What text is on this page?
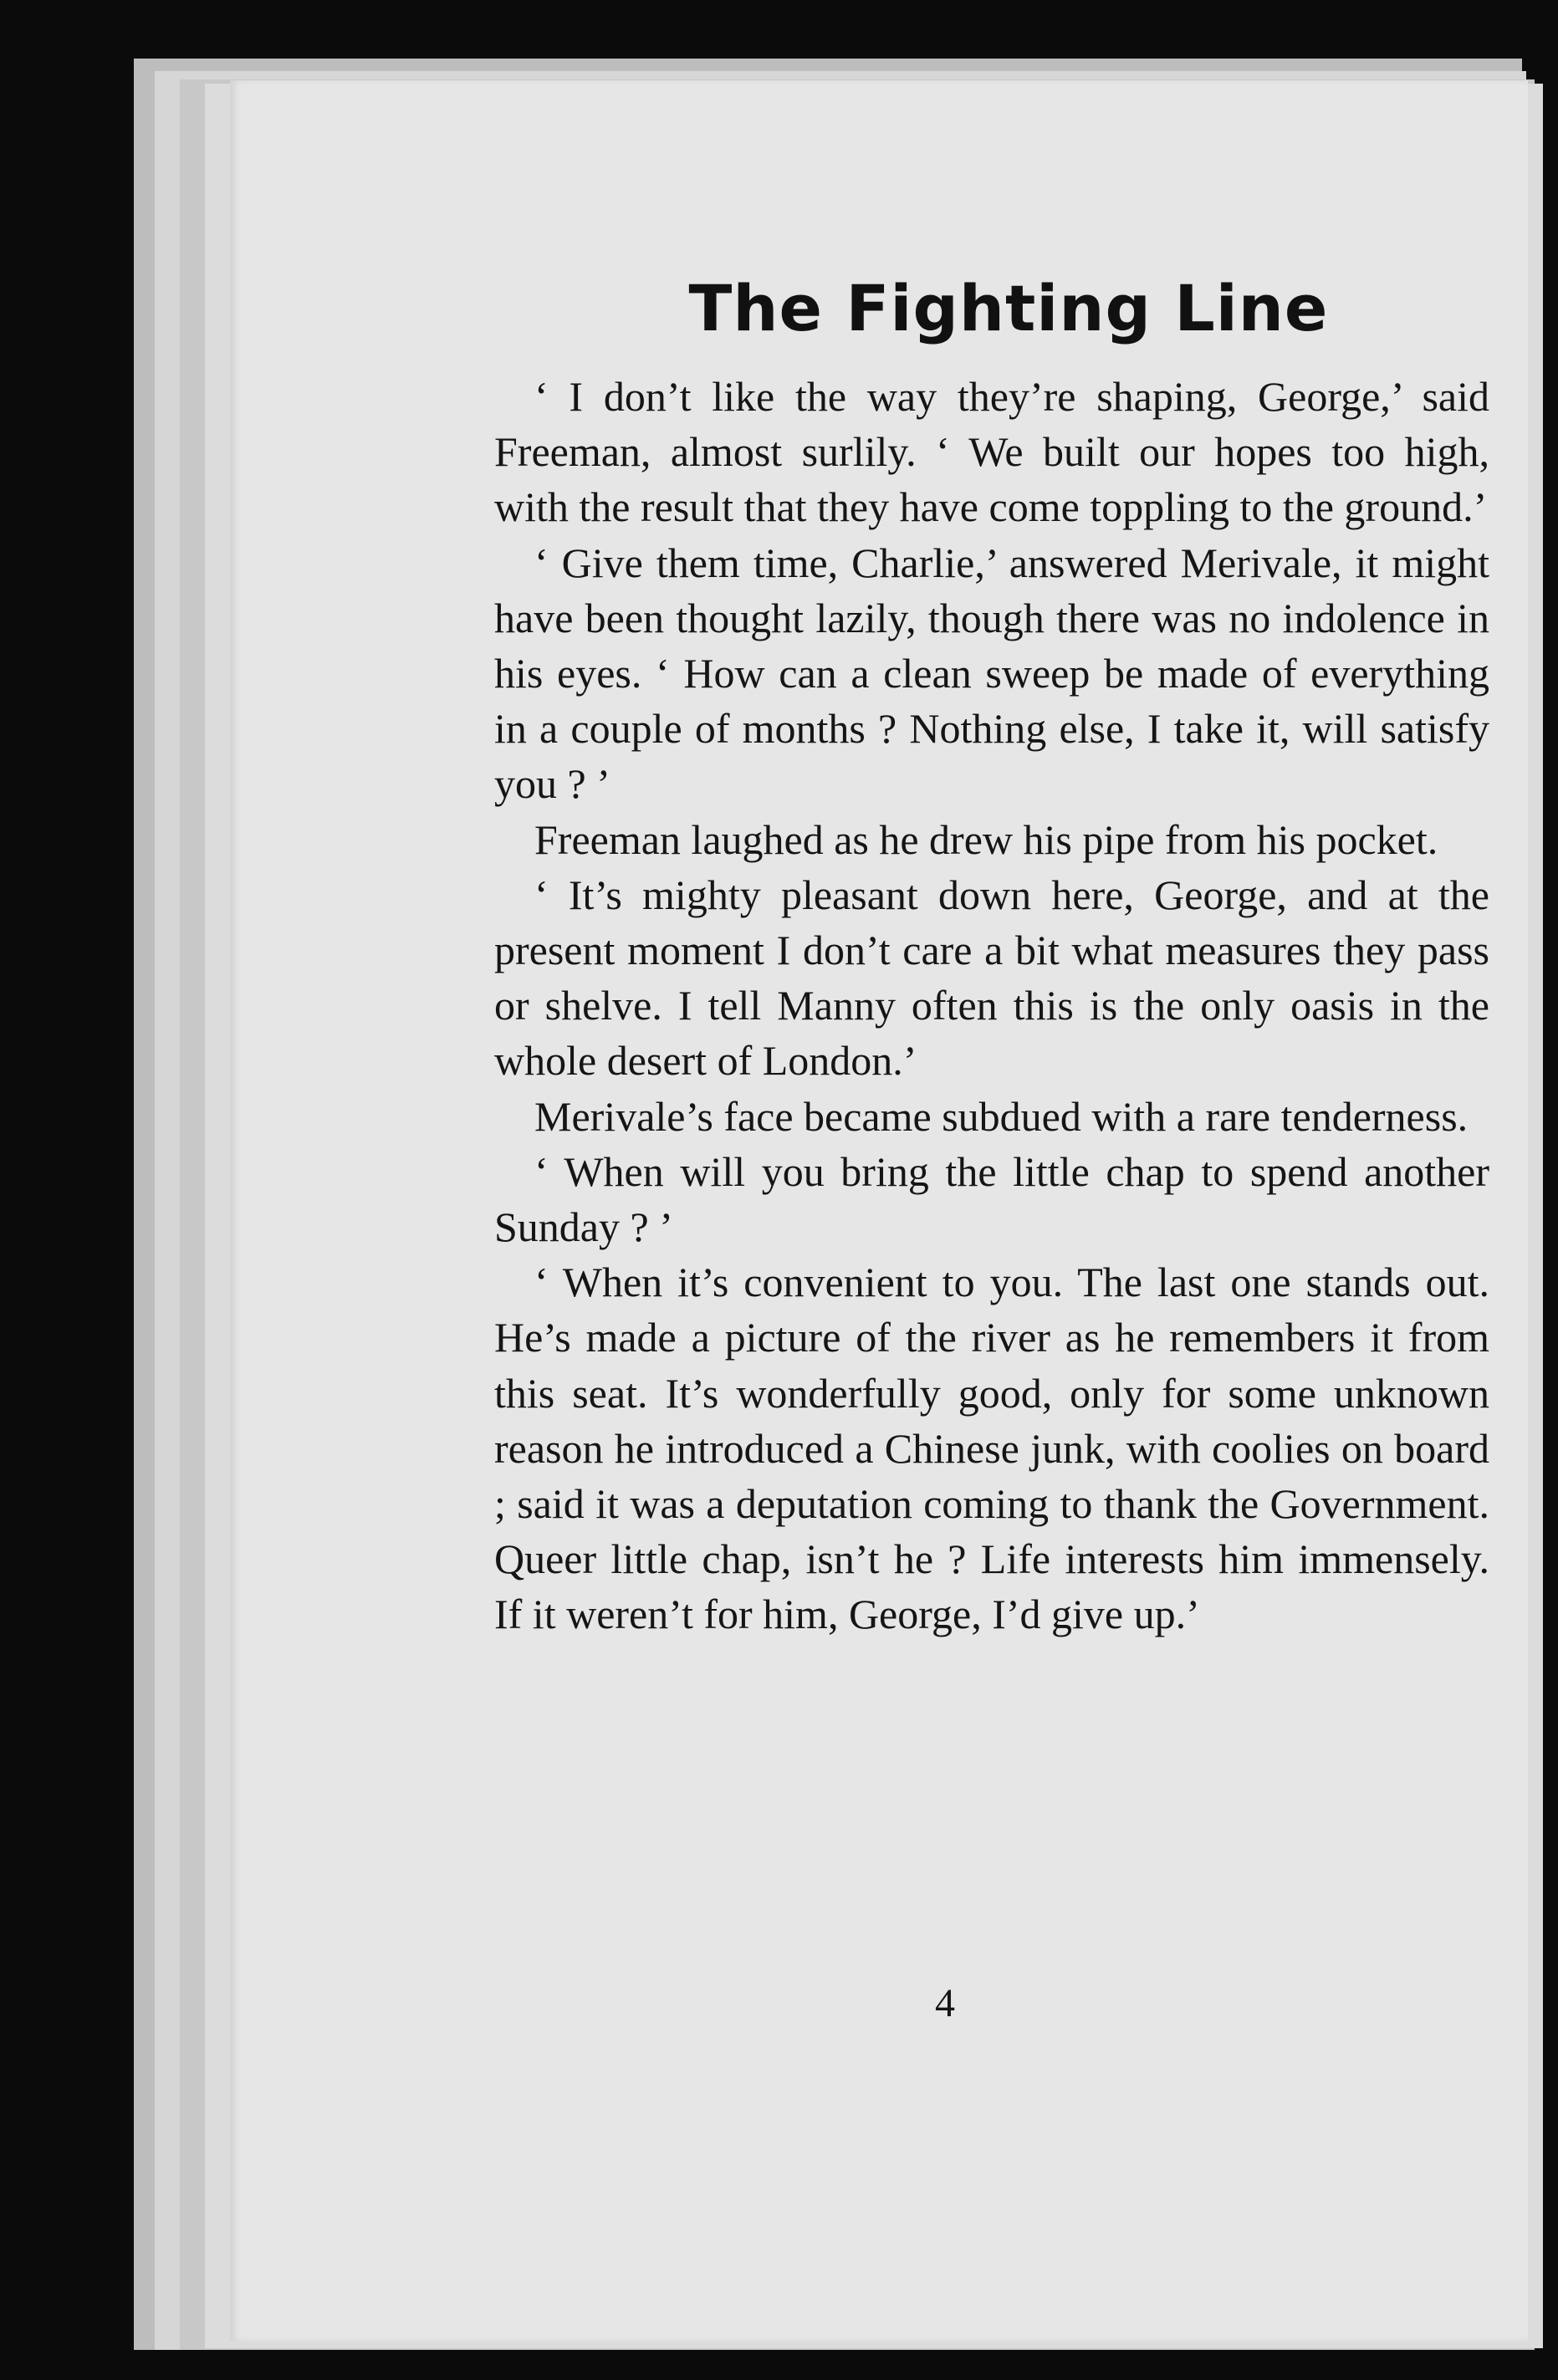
The Fighting Line

‘ I don’t like the way they’re shaping, George,’ said Freeman, almost surlily. ‘ We built our hopes too high, with the result that they have come toppling to the ground.’

‘ Give them time, Charlie,’ answered Merivale, it might have been thought lazily, though there was no indolence in his eyes. ‘ How can a clean sweep be made of everything in a couple of months ? Nothing else, I take it, will satisfy you ? ’

Freeman laughed as he drew his pipe from his pocket.

‘ It’s mighty pleasant down here, George, and at the present moment I don’t care a bit what measures they pass or shelve. I tell Manny often this is the only oasis in the whole desert of London.’

Merivale’s face became subdued with a rare tenderness.

‘ When will you bring the little chap to spend another Sunday ? ’

‘ When it’s convenient to you. The last one stands out. He’s made a picture of the river as he remembers it from this seat. It’s wonderfully good, only for some unknown reason he introduced a Chinese junk, with coolies on board ; said it was a deputation coming to thank the Government. Queer little chap, isn’t he ? Life interests him immensely. If it weren’t for him, George, I’d give up.’

4
